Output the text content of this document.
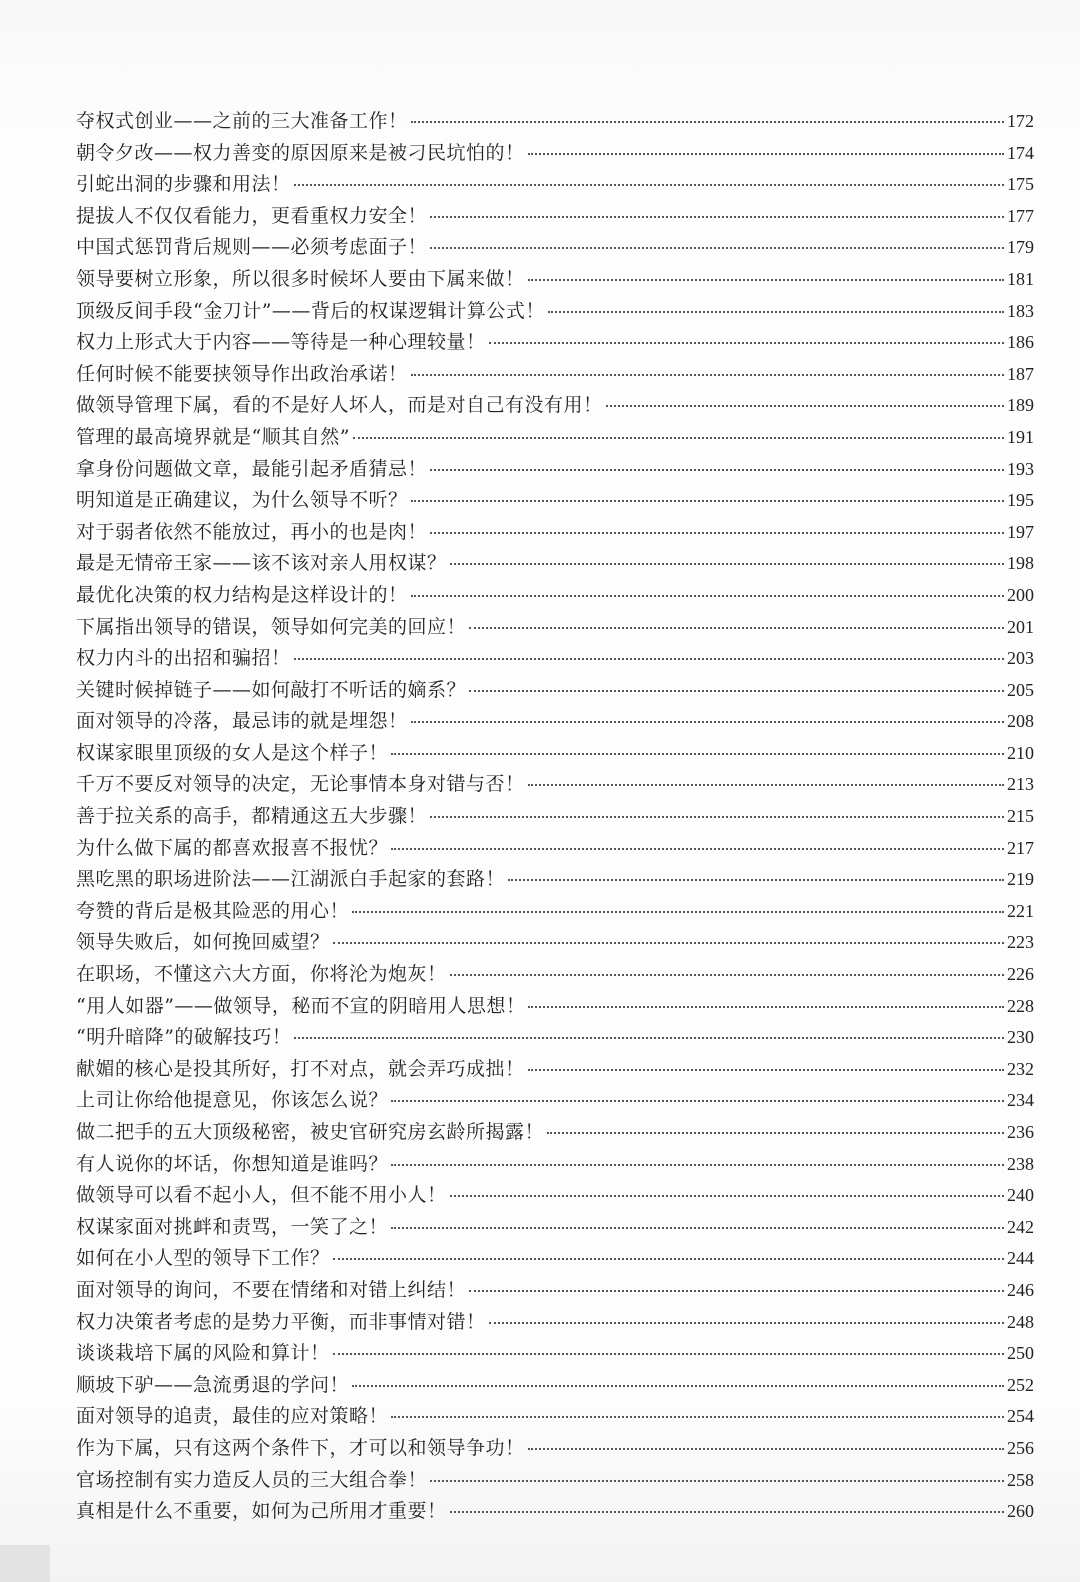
夺权式创业——之前的三大准备工作！	172
朝令夕改——权力善变的原因原来是被刁民坑怕的！	174
引蛇出洞的步骤和用法！	175
提拔人不仅仅看能力，更看重权力安全！	177
中国式惩罚背后规则——必须考虑面子！	179
领导要树立形象，所以很多时候坏人要由下属来做！	181
顶级反间手段“金刀计”——背后的权谋逻辑计算公式！	183
权力上形式大于内容——等待是一种心理较量！	186
任何时候不能要挟领导作出政治承诺！	187
做领导管理下属，看的不是好人坏人，而是对自己有没有用！	189
管理的最高境界就是“顺其自然”	191
拿身份问题做文章，最能引起矛盾猜忌！	193
明知道是正确建议，为什么领导不听？	195
对于弱者依然不能放过，再小的也是肉！	197
最是无情帝王家——该不该对亲人用权谋？	198
最优化决策的权力结构是这样设计的！	200
下属指出领导的错误，领导如何完美的回应！	201
权力内斗的出招和骗招！	203
关键时候掉链子——如何敲打不听话的嫡系？	205
面对领导的冷落，最忌讳的就是埋怨！	208
权谋家眼里顶级的女人是这个样子！	210
千万不要反对领导的决定，无论事情本身对错与否！	213
善于拉关系的高手，都精通这五大步骤！	215
为什么做下属的都喜欢报喜不报忧？	217
黑吃黑的职场进阶法——江湖派白手起家的套路！	219
夸赞的背后是极其险恶的用心！	221
领导失败后，如何挽回威望？	223
在职场，不懂这六大方面，你将沦为炮灰！	226
“用人如器”——做领导，秘而不宣的阴暗用人思想！	228
“明升暗降”的破解技巧！	230
献媚的核心是投其所好，打不对点，就会弄巧成拙！	232
上司让你给他提意见，你该怎么说？	234
做二把手的五大顶级秘密，被史官研究房玄龄所揭露！	236
有人说你的坏话，你想知道是谁吗？	238
做领导可以看不起小人，但不能不用小人！	240
权谋家面对挑衅和责骂，一笑了之！	242
如何在小人型的领导下工作？	244
面对领导的询问，不要在情绪和对错上纠结！	246
权力决策者考虑的是势力平衡，而非事情对错！	248
谈谈栽培下属的风险和算计！	250
顺坡下驴——急流勇退的学问！	252
面对领导的追责，最佳的应对策略！	254
作为下属，只有这两个条件下，才可以和领导争功！	256
官场控制有实力造反人员的三大组合拳！	258
真相是什么不重要，如何为己所用才重要！	260
